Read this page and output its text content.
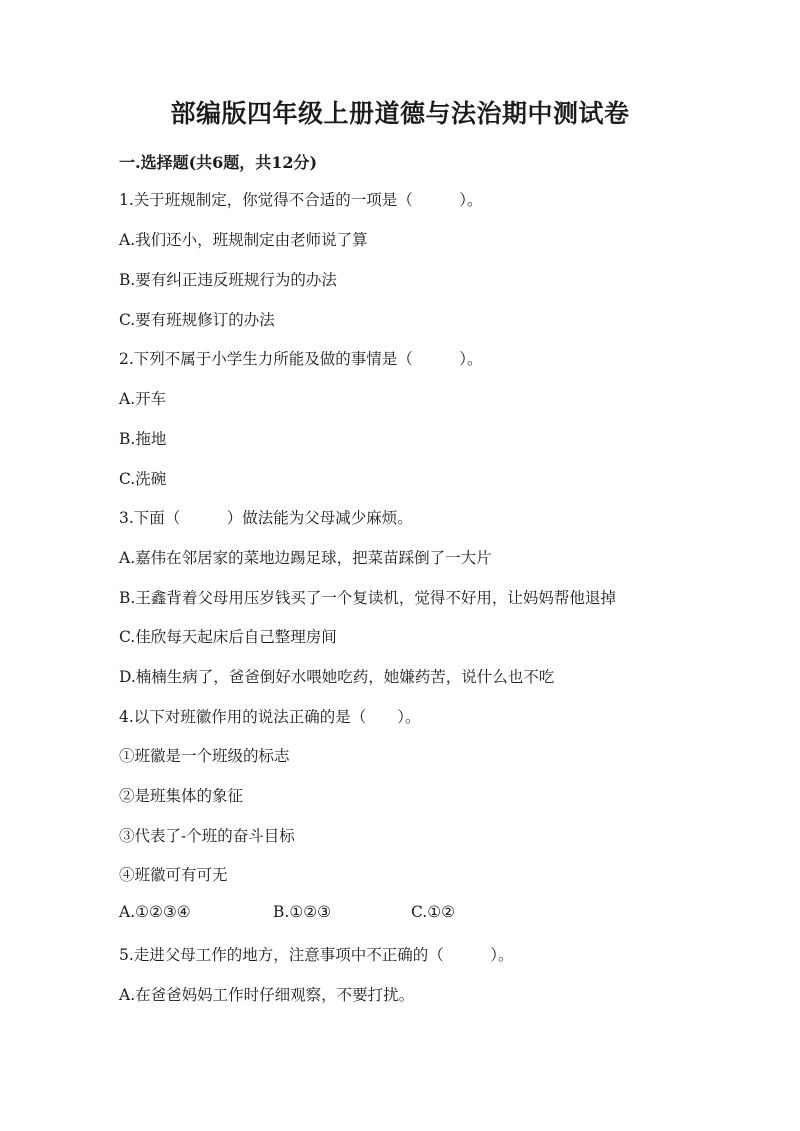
部编版四年级上册道德与法治期中测试卷
一.选择题(共6题，共12分)
1.关于班规制定，你觉得不合适的一项是（　　　）。
A.我们还小，班规制定由老师说了算
B.要有纠正违反班规行为的办法
C.要有班规修订的办法
2.下列不属于小学生力所能及做的事情是（　　　）。
A.开车
B.拖地
C.洗碗
3.下面（　　　）做法能为父母减少麻烦。
A.嘉伟在邻居家的菜地边踢足球，把菜苗踩倒了一大片
B.王鑫背着父母用压岁钱买了一个复读机，觉得不好用，让妈妈帮他退掉
C.佳欣每天起床后自己整理房间
D.楠楠生病了，爸爸倒好水喂她吃药，她嫌药苦，说什么也不吃
4.以下对班徽作用的说法正确的是（　　）。
①班徽是一个班级的标志
②是班集体的象征
③代表了-个班的奋斗目标
④班徽可有可无
A.①②③④	B.①②③	C.①②
5.走进父母工作的地方，注意事项中不正确的（　　　）。
A.在爸爸妈妈工作时仔细观察，不要打扰。
